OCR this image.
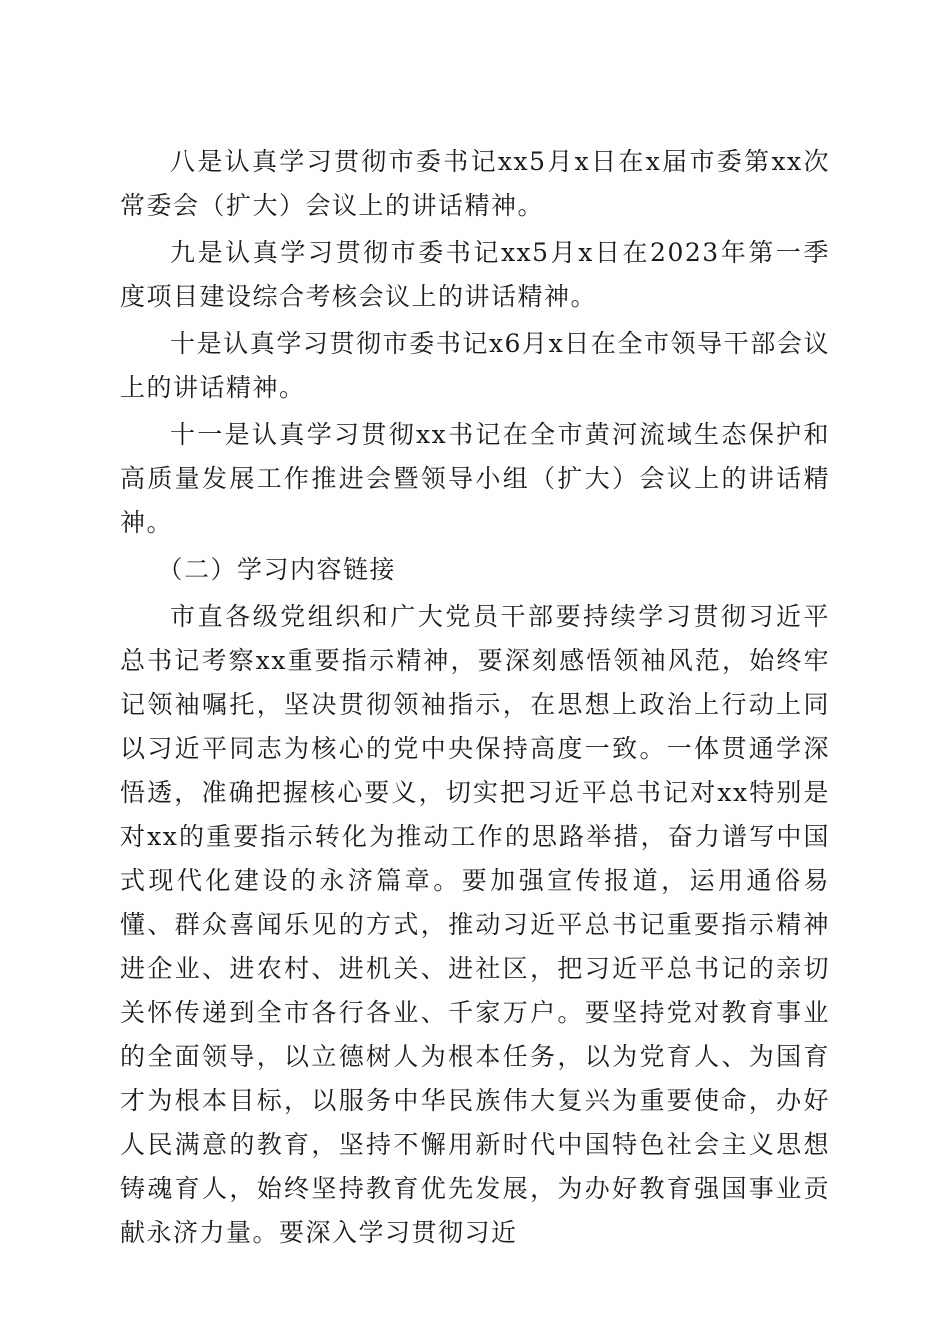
八是认真学习贯彻市委书记xx5月x日在x届市委第xx次常委会（扩大）会议上的讲话精神。

九是认真学习贯彻市委书记xx5月x日在2023年第一季度项目建设综合考核会议上的讲话精神。

十是认真学习贯彻市委书记x6月x日在全市领导干部会议上的讲话精神。

十一是认真学习贯彻xx书记在全市黄河流域生态保护和高质量发展工作推进会暨领导小组（扩大）会议上的讲话精神。

（二）学习内容链接

市直各级党组织和广大党员干部要持续学习贯彻习近平总书记考察xx重要指示精神，要深刻感悟领袖风范，始终牢记领袖嘱托，坚决贯彻领袖指示，在思想上政治上行动上同以习近平同志为核心的党中央保持高度一致。一体贯通学深悟透，准确把握核心要义，切实把习近平总书记对xx特别是对xx的重要指示转化为推动工作的思路举措，奋力谱写中国式现代化建设的永济篇章。要加强宣传报道，运用通俗易懂、群众喜闻乐见的方式，推动习近平总书记重要指示精神进企业、进农村、进机关、进社区，把习近平总书记的亲切关怀传递到全市各行各业、千家万户。要坚持党对教育事业的全面领导，以立德树人为根本任务，以为党育人、为国育才为根本目标，以服务中华民族伟大复兴为重要使命，办好人民满意的教育，坚持不懈用新时代中国特色社会主义思想铸魂育人，始终坚持教育优先发展，为办好教育强国事业贡献永济力量。要深入学习贯彻习近
